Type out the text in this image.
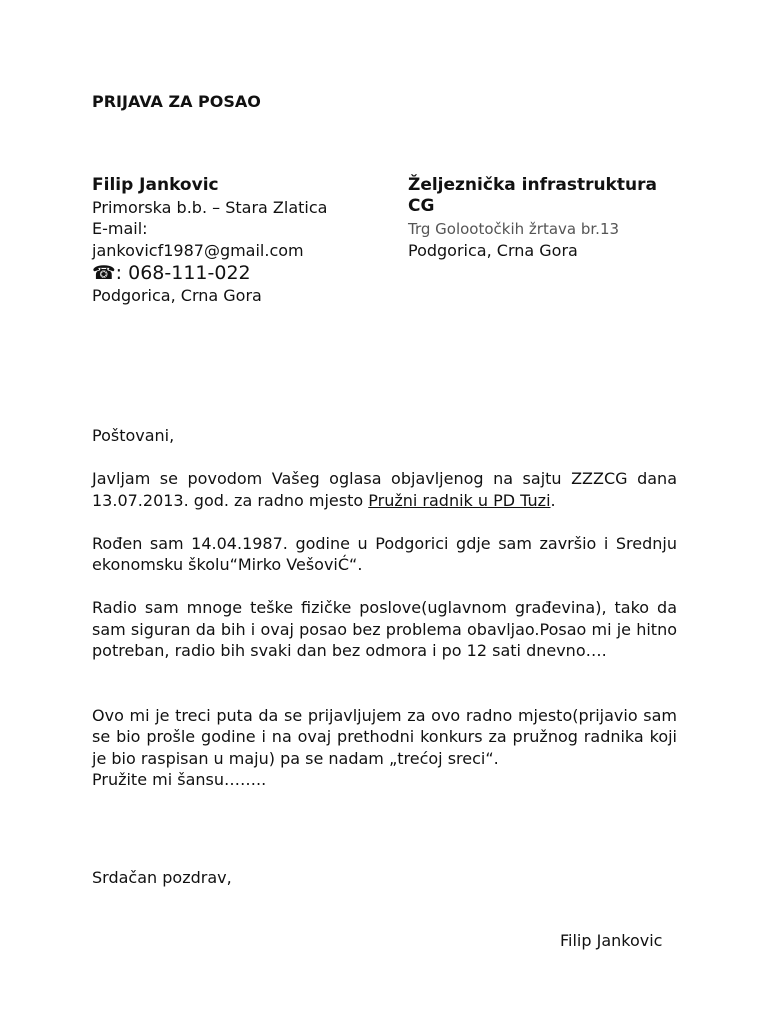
PRIJAVA ZA POSAO
Filip Jankovic
Primorska b.b. – Stara Zlatica
E-mail:
jankovicf1987@gmail.com
☎: 068-111-022
Podgorica, Crna Gora
Željeznička infrastruktura
CG
Trg Golootočkih žrtava br.13
Podgorica, Crna Gora

Poštovani,

Javljam se povodom Vašeg oglasa objavljenog na sajtu ZZZCG dana 13.07.2013. god. za radno mjesto Pružni radnik u PD Tuzi.

Rođen sam 14.04.1987. godine u Podgorici gdje sam završio i Srednju ekonomsku školu“Mirko VešoviĆ“.

Radio sam mnoge teške fizičke poslove(uglavnom građevina), tako da sam siguran da bih i ovaj posao bez problema obavljao.Posao mi je hitno potreban, radio bih svaki dan bez odmora i po 12 sati dnevno….

Ovo mi je treci puta da se prijavljujem za ovo radno mjesto(prijavio sam se bio prošle godine i na ovaj prethodni konkurs za pružnog radnika koji je bio raspisan u maju) pa se nadam „trećoj sreci“.

Pružite mi šansu……..

Srdačan pozdrav,
Filip Jankovic
